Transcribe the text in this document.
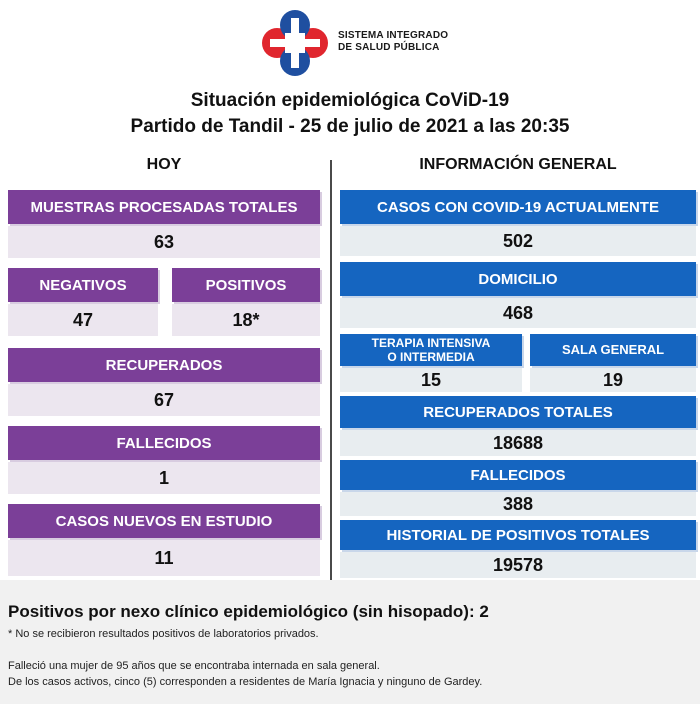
SISTEMA INTEGRADO
DE SALUD PÚBLICA
Situación epidemiológica CoViD-19
Partido de Tandil - 25 de julio de 2021 a las 20:35
HOY	INFORMACIÓN GENERAL
MUESTRAS PROCESADAS TOTALES
63
NEGATIVOS
47
POSITIVOS
18*
RECUPERADOS
67
FALLECIDOS
1
CASOS NUEVOS EN ESTUDIO
11
CASOS CON COVID-19 ACTUALMENTE
502
DOMICILIO
468
TERAPIA INTENSIVA
O INTERMEDIA
15
SALA GENERAL
19
RECUPERADOS TOTALES
18688
FALLECIDOS
388
HISTORIAL DE POSITIVOS TOTALES
19578
Positivos por nexo clínico epidemiológico (sin hisopado): 2
* No se recibieron resultados positivos de laboratorios privados.
Falleció una mujer de 95 años que se encontraba internada en sala general.
De los casos activos, cinco (5) corresponden a residentes de María Ignacia y ninguno de Gardey.
